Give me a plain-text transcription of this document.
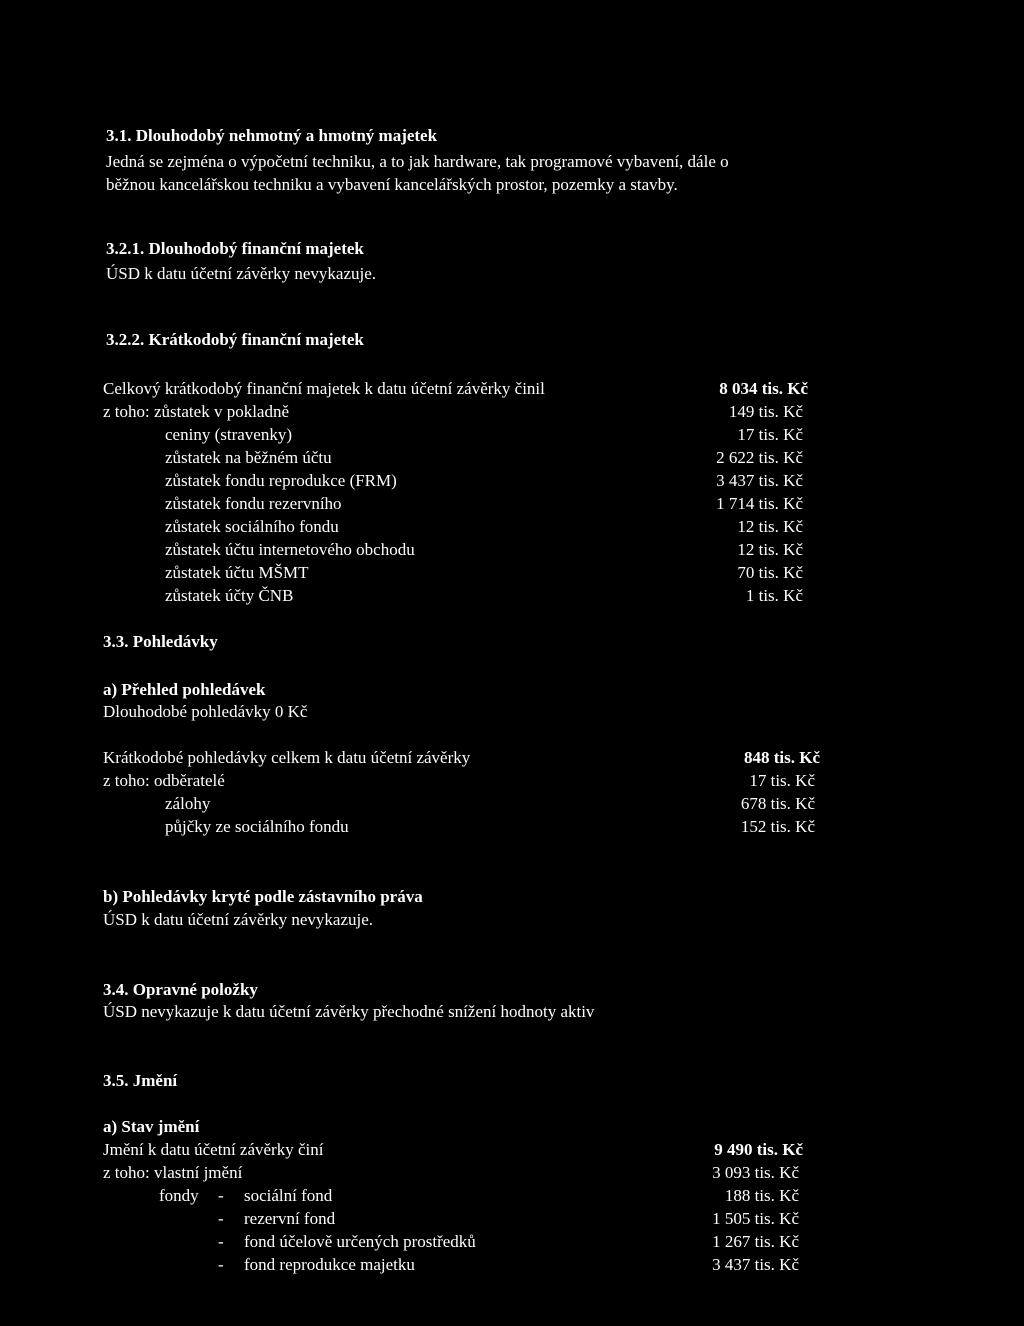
3.1. Dlouhodobý nehmotný a hmotný majetek
Jedná se zejména o výpočetní techniku, a to jak hardware, tak programové vybavení, dále o
běžnou kancelářskou techniku a vybavení kancelářských prostor, pozemky a stavby.
3.2.1. Dlouhodobý finanční majetek
ÚSD k datu účetní závěrky nevykazuje.
3.2.2. Krátkodobý finanční majetek
Celkový krátkodobý finanční majetek k datu účetní závěrky činil	8 034 tis. Kč
z toho: zůstatek v pokladně	149 tis. Kč
ceniny (stravenky)	17 tis. Kč
zůstatek na běžném účtu	2 622 tis. Kč
zůstatek fondu reprodukce (FRM)	3 437 tis. Kč
zůstatek fondu rezervního	1 714 tis. Kč
zůstatek sociálního fondu	12 tis. Kč
zůstatek účtu internetového obchodu	12 tis. Kč
zůstatek účtu MŠMT	70 tis. Kč
zůstatek účty ČNB	1 tis. Kč
3.3. Pohledávky
a) Přehled pohledávek
Dlouhodobé pohledávky 0 Kč
Krátkodobé pohledávky celkem k datu účetní závěrky	848 tis. Kč
z toho: odběratelé	17 tis. Kč
zálohy	678 tis. Kč
půjčky ze sociálního fondu	152 tis. Kč
b) Pohledávky kryté podle zástavního práva
ÚSD k datu účetní závěrky nevykazuje.
3.4. Opravné položky
ÚSD nevykazuje k datu účetní závěrky přechodné snížení hodnoty aktiv
3.5. Jmění
a) Stav jmění
Jmění k datu účetní závěrky činí	9 490 tis. Kč
z toho: vlastní jmění	3 093 tis. Kč
fondy - sociální fond	188 tis. Kč
- rezervní fond	1 505 tis. Kč
- fond účelově určených prostředků	1 267 tis. Kč
- fond reprodukce majetku	3 437 tis. Kč
